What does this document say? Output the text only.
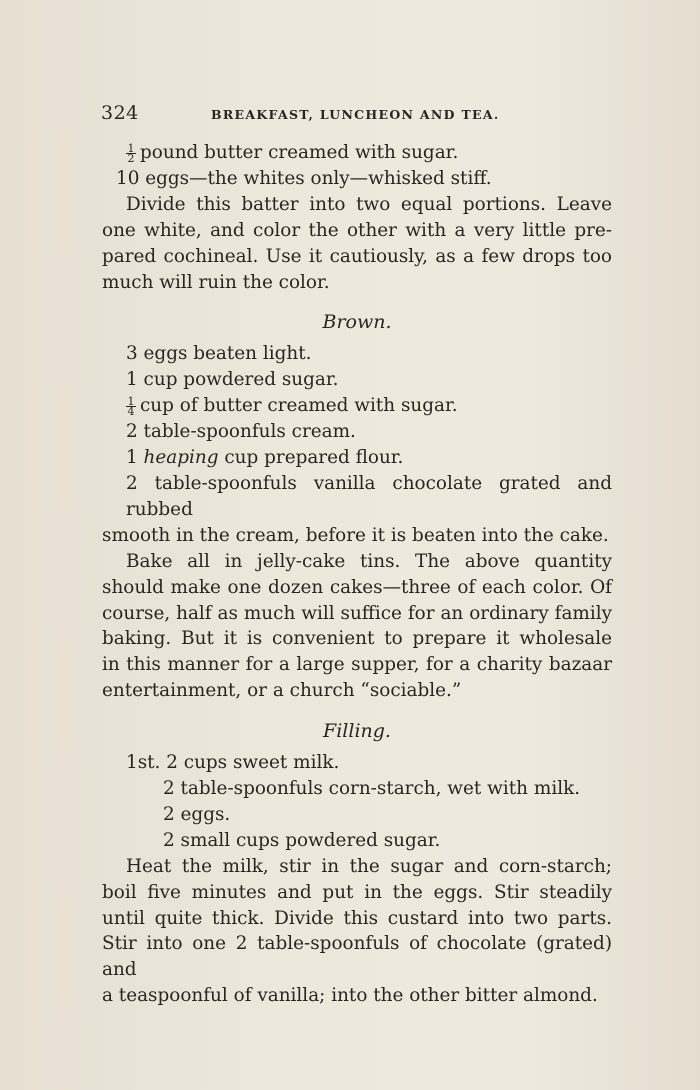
324	BREAKFAST, LUNCHEON AND TEA.
$\frac{1}{2}$ pound butter creamed with sugar.
10 eggs—the whites only—whisked stiff.
Divide this batter into two equal portions. Leave
one white, and color the other with a very little pre-
pared cochineal. Use it cautiously, as a few drops too
much will ruin the color.
Brown.
3 eggs beaten light.
1 cup powdered sugar.
$\frac{1}{4}$ cup of butter creamed with sugar.
2 table-spoonfuls cream.
1 heaping cup prepared flour.
2 table-spoonfuls vanilla chocolate grated and rubbed
smooth in the cream, before it is beaten into the cake.
Bake all in jelly-cake tins. The above quantity
should make one dozen cakes—three of each color. Of
course, half as much will suffice for an ordinary family
baking. But it is convenient to prepare it wholesale
in this manner for a large supper, for a charity bazaar
entertainment, or a church “sociable.”
Filling.
1st. 2 cups sweet milk.
2 table-spoonfuls corn-starch, wet with milk.
2 eggs.
2 small cups powdered sugar.
Heat the milk, stir in the sugar and corn-starch;
boil five minutes and put in the eggs. Stir steadily
until quite thick. Divide this custard into two parts.
Stir into one 2 table-spoonfuls of chocolate (grated) and
a teaspoonful of vanilla; into the other bitter almond.
